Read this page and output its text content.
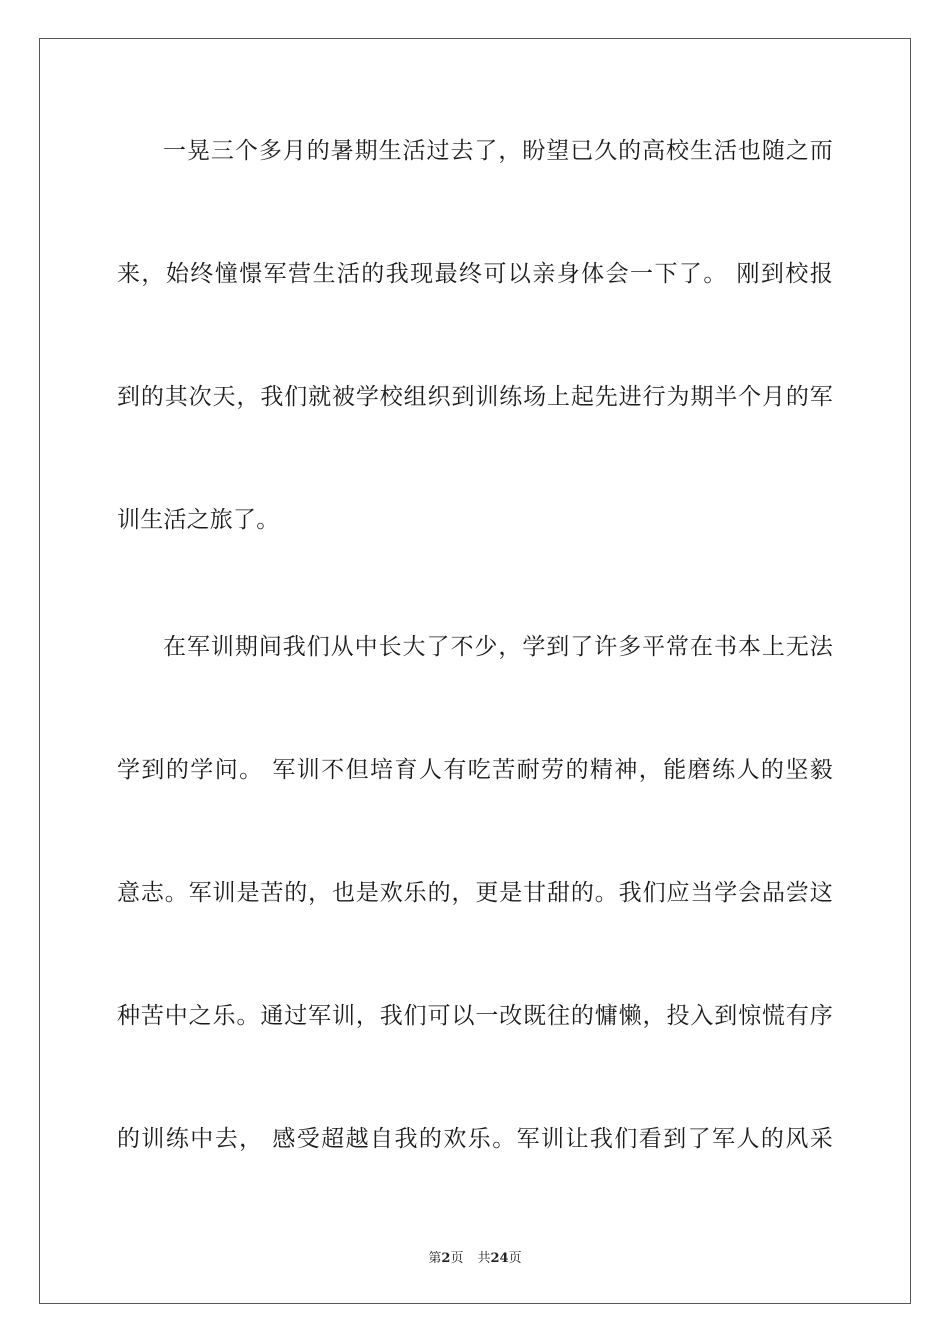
一晃三个多月的暑期生活过去了，盼望已久的高校生活也随之而
来，始终憧憬军营生活的我现最终可以亲身体会一下了。 刚到校报
到的其次天，我们就被学校组织到训练场上起先进行为期半个月的军
训生活之旅了。
在军训期间我们从中长大了不少，学到了许多平常在书本上无法
学到的学问。 军训不但培育人有吃苦耐劳的精神，能磨练人的坚毅
意志。军训是苦的，也是欢乐的，更是甘甜的。我们应当学会品尝这
种苦中之乐。通过军训，我们可以一改既往的慵懒，投入到惊慌有序
的训练中去， 感受超越自我的欢乐。军训让我们看到了军人的风采
第2页 共24页
